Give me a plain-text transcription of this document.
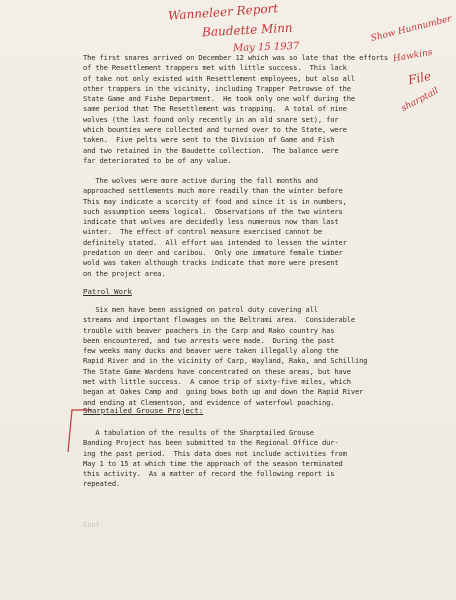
Wanneleer Report
Baudette Minn
May 15 1937
Show Hunnumber
Hawkins
File
sharptail
The first snares arrived on December 12 which was so late that the efforts
of the Resettlement trappers met with little success.  This lack
of take not only existed with Resettlement employees, but also all
other trappers in the vicinity, including Trapper Petrowse of the
State Game and Fishe Department.  He took only one wolf during the
same period that The Resettlement was trapping.  A total of nine
wolves (the last found only recently in an old snare set), for
which bounties were collected and turned over to the State, were
taken.  Five pelts were sent to the Division of Game and Fish
and two retained in the Baudette collection.  The balance were
far deteriorated to be of any value.
The wolves were more active during the fall months and
approached settlements much more readily than the winter before
This may indicate a scarcity of food and since it is in numbers,
such assumption seems logical.  Observations of the two winters
indicate that wolves are decidedly less numerous now than last
winter.  The effect of control measure exercised cannot be
definitely stated.  All effort was intended to lessen the winter
predation on deer and caribou.  Only one immature female timber
wold was taken although tracks indicate that more were present
on the project area.
Patrol Work
Six men have been assigned on patrol duty covering all
streams and important flowages on the Beltrami area.  Considerable
trouble with beaver poachers in the Carp and Rako country has
been encountered, and two arrests were made.  During the past
few weeks many ducks and beaver were taken illegally along the
Rapid River and in the vicinity of Carp, Wayland, Rako, and Schilling
The State Game Wardens have concentrated on these areas, but have
met with little success.  A canoe trip of sixty-five miles, which
began at Oakes Camp and  going bows both up and down the Rapid River
and ending at Clementson, and evidence of waterfowl poaching.
Sharptailed Grouse Project:
A tabulation of the results of the Sharptailed Grouse
Banding Project has been submitted to the Regional Office dur-
ing the past period.  This data does not include activities from
May 1 to 15 at which time the approach of the season terminated
this activity.  As a matter of record the following report is
repeated.
Conf.
